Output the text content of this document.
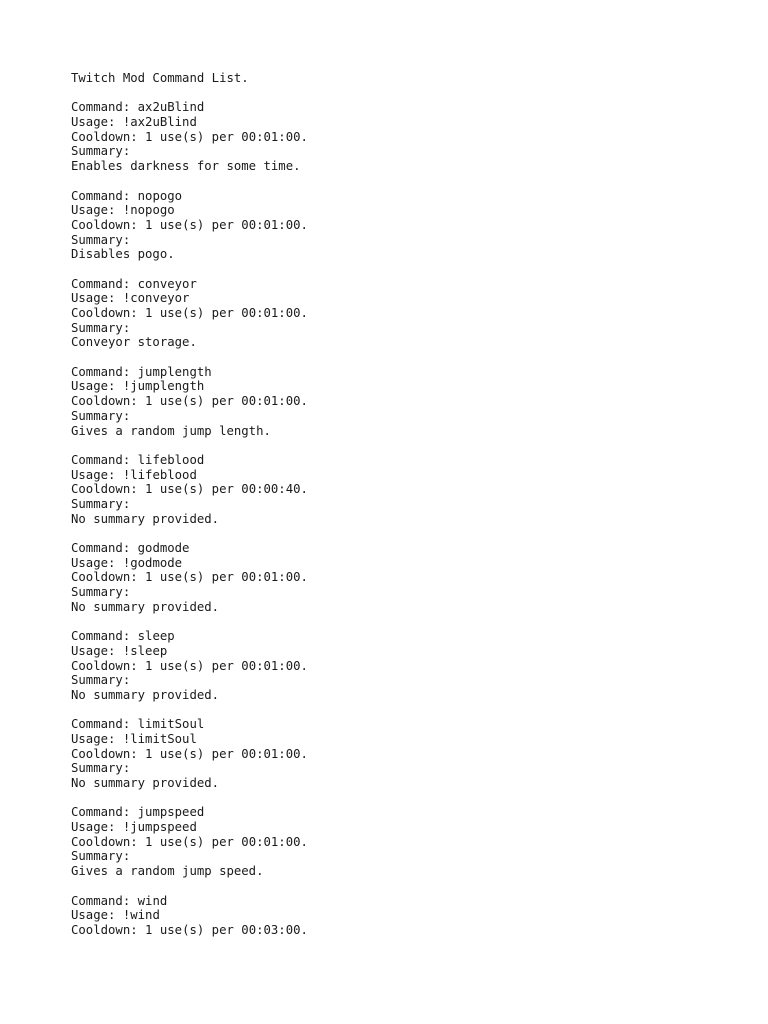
Twitch Mod Command List.
Command: ax2uBlind
Usage: !ax2uBlind
Cooldown: 1 use(s) per 00:01:00.
Summary:
Enables darkness for some time.
Command: nopogo
Usage: !nopogo
Cooldown: 1 use(s) per 00:01:00.
Summary:
Disables pogo.
Command: conveyor
Usage: !conveyor
Cooldown: 1 use(s) per 00:01:00.
Summary:
Conveyor storage.
Command: jumplength
Usage: !jumplength
Cooldown: 1 use(s) per 00:01:00.
Summary:
Gives a random jump length.
Command: lifeblood
Usage: !lifeblood
Cooldown: 1 use(s) per 00:00:40.
Summary:
No summary provided.
Command: godmode
Usage: !godmode
Cooldown: 1 use(s) per 00:01:00.
Summary:
No summary provided.
Command: sleep
Usage: !sleep
Cooldown: 1 use(s) per 00:01:00.
Summary:
No summary provided.
Command: limitSoul
Usage: !limitSoul
Cooldown: 1 use(s) per 00:01:00.
Summary:
No summary provided.
Command: jumpspeed
Usage: !jumpspeed
Cooldown: 1 use(s) per 00:01:00.
Summary:
Gives a random jump speed.
Command: wind
Usage: !wind
Cooldown: 1 use(s) per 00:03:00.
